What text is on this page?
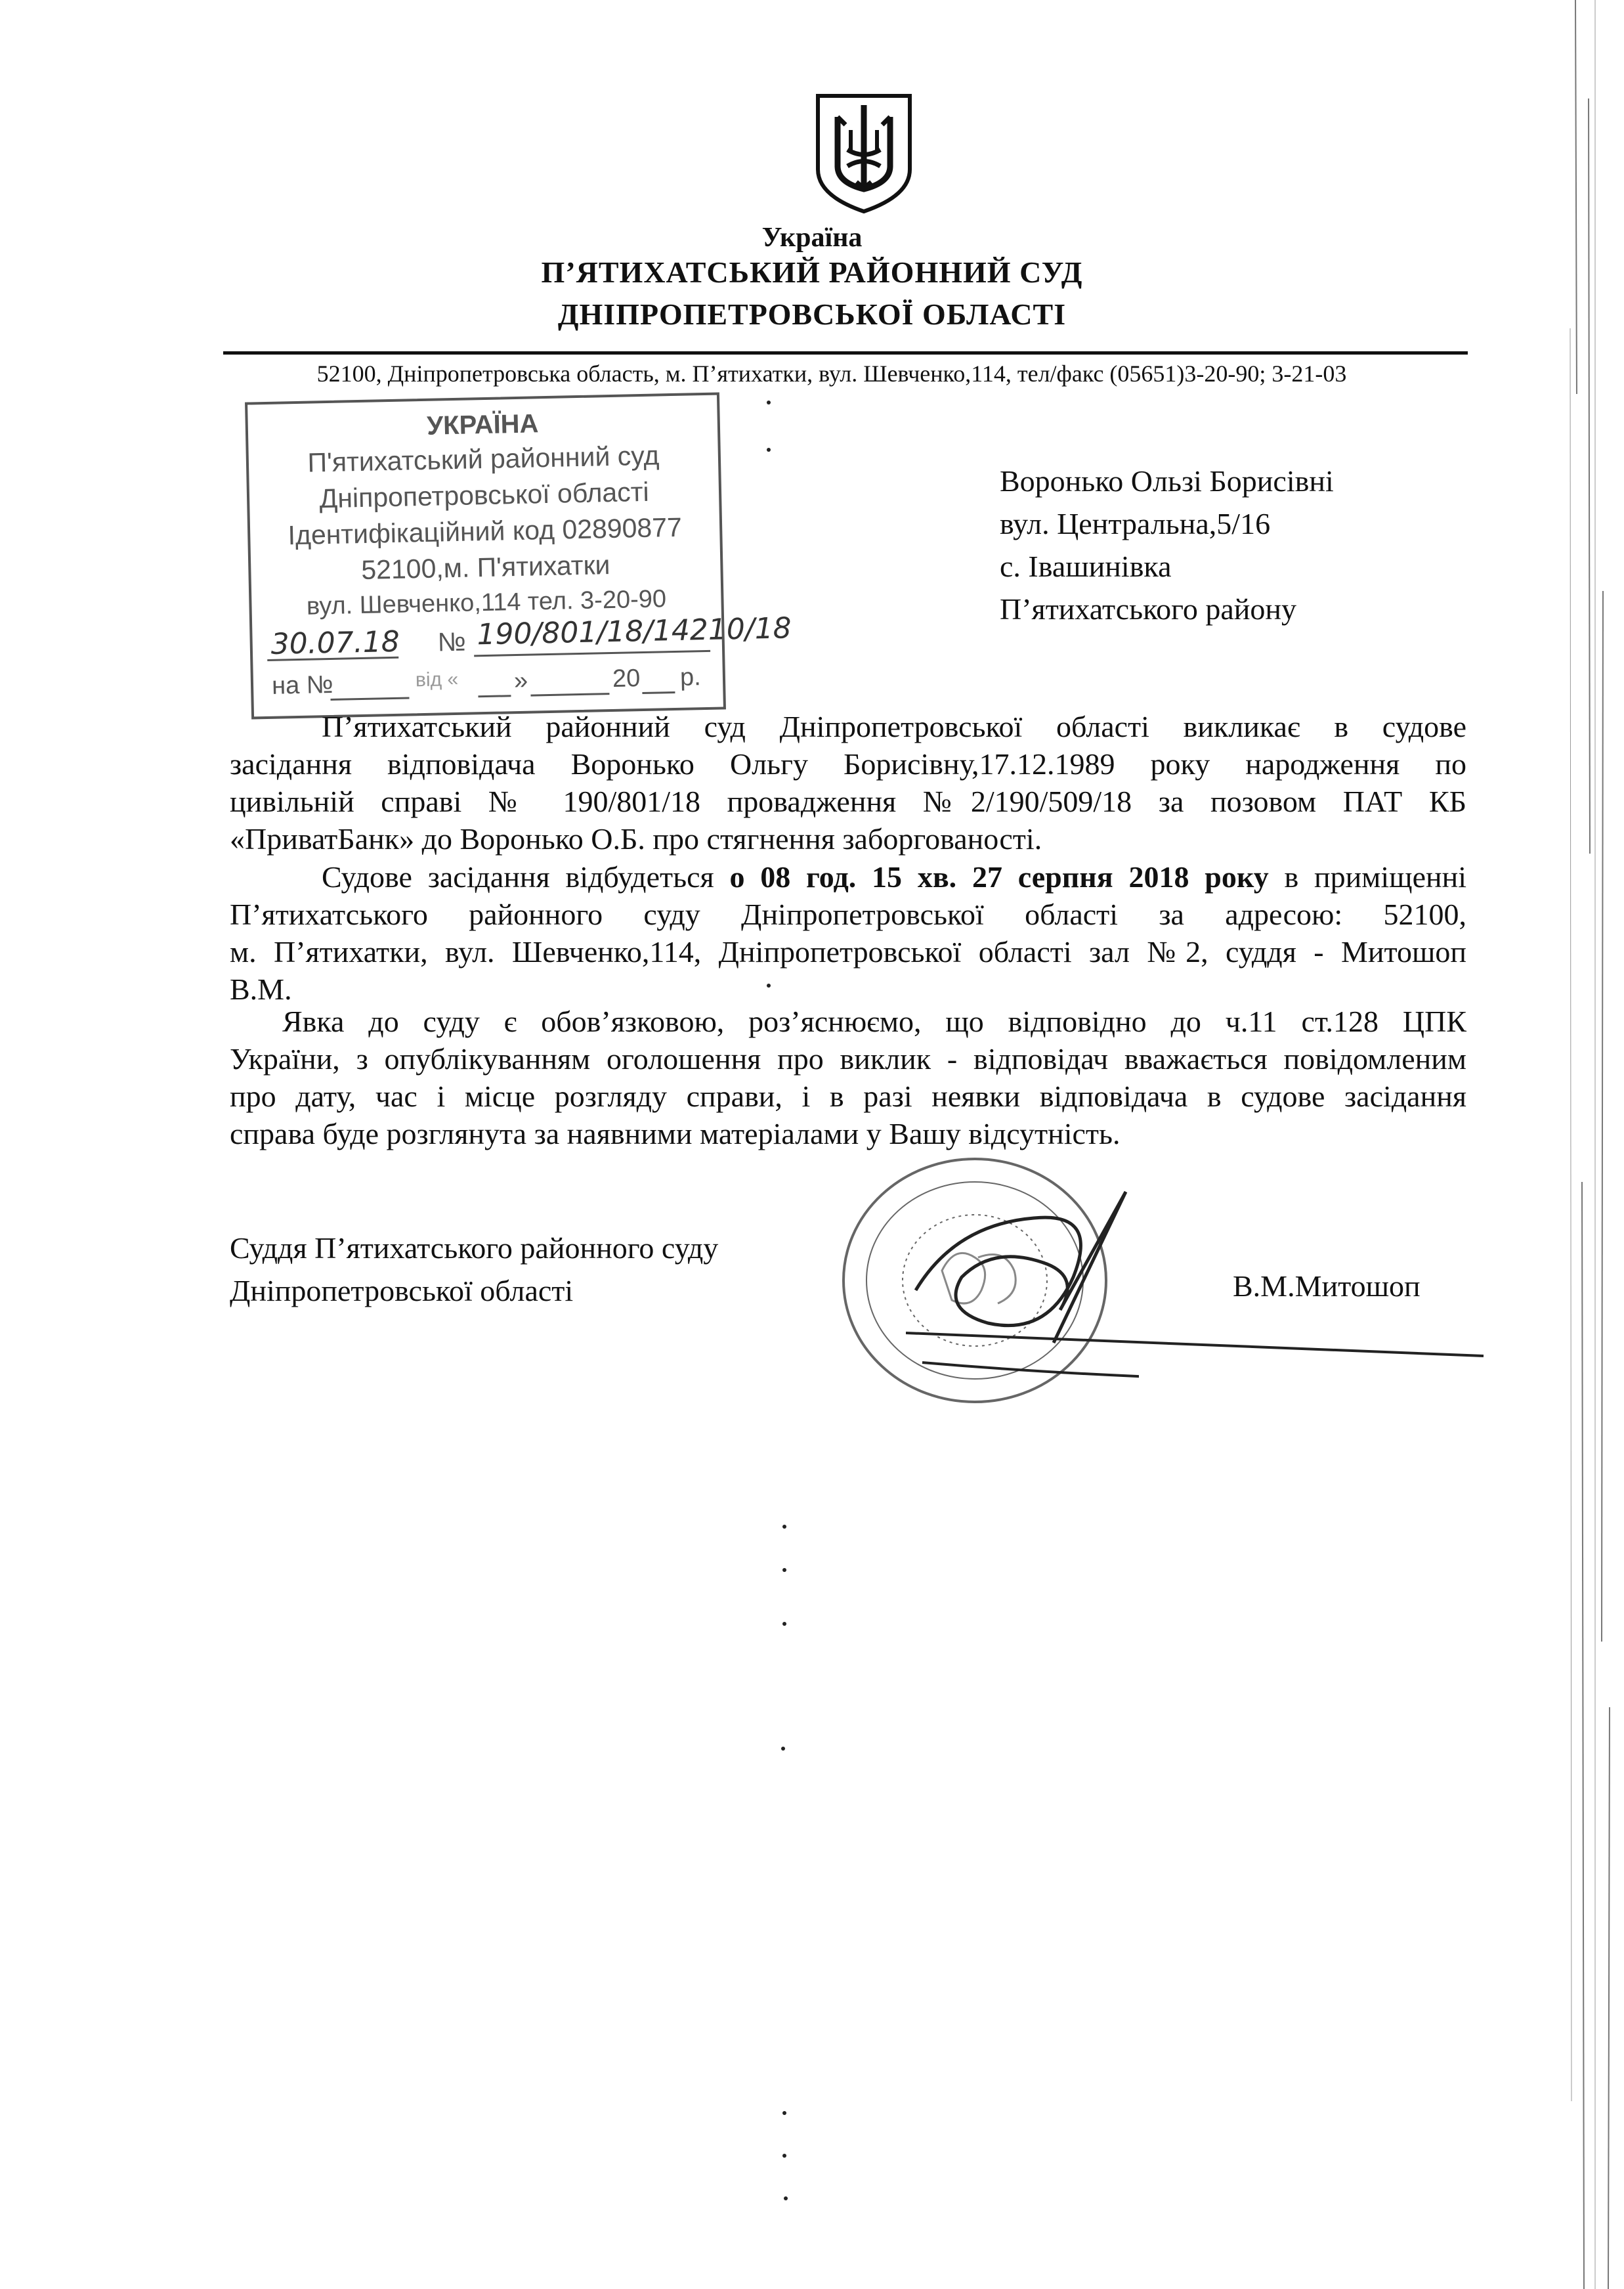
Україна
П’ЯТИХАТСЬКИЙ РАЙОННИЙ СУД
ДНІПРОПЕТРОВСЬКОЇ ОБЛАСТІ
52100, Дніпропетровська область, м. П’ятихатки, вул. Шевченко,114, тел/факс (05651)3-20-90; 3-21-03
УКРАЇНА
П'ятихатський районний суд
Дніпропетровської області
Ідентифікаційний код 02890877
52100,м. П'ятихатки
вул. Шевченко,114 тел. 3-20-90
30.07.18 № 190/801/18/14210/18
на №	від « »	20 р.
Воронько Ользі Борисівні
вул. Центральна,5/16
с. Івашинівка
П’ятихатського району

П’ятихатський районний суд Дніпропетровської області викликає в судове

засідання відповідача Воронько Ольгу Борисівну,17.12.1989 року народження по

цивільній справі № 190/801/18 провадження №2/190/509/18 за позовом ПАТ КБ

«ПриватБанк» до Воронько О.Б. про стягнення заборгованості.

Судове засідання відбудеться о 08 год. 15 хв. 27 серпня 2018 року в приміщенні

П’ятихатського районного суду Дніпропетровської області за адресою: 52100,

м. П’ятихатки, вул. Шевченко,114, Дніпропетровської області зал №2, суддя - Митошоп

В.М.

Явка до суду є обов’язковою, роз’яснюємо, що відповідно до ч.11 ст.128 ЦПК

України, з опублікуванням оголошення про виклик - відповідач вважається повідомленим

про дату, час і місце розгляду справи, і в разі неявки відповідача в судове засідання

справа буде розглянута за наявними матеріалами у Вашу відсутність.

Суддя П’ятихатського районного суду
Дніпропетровської області	В.М.Митошоп
